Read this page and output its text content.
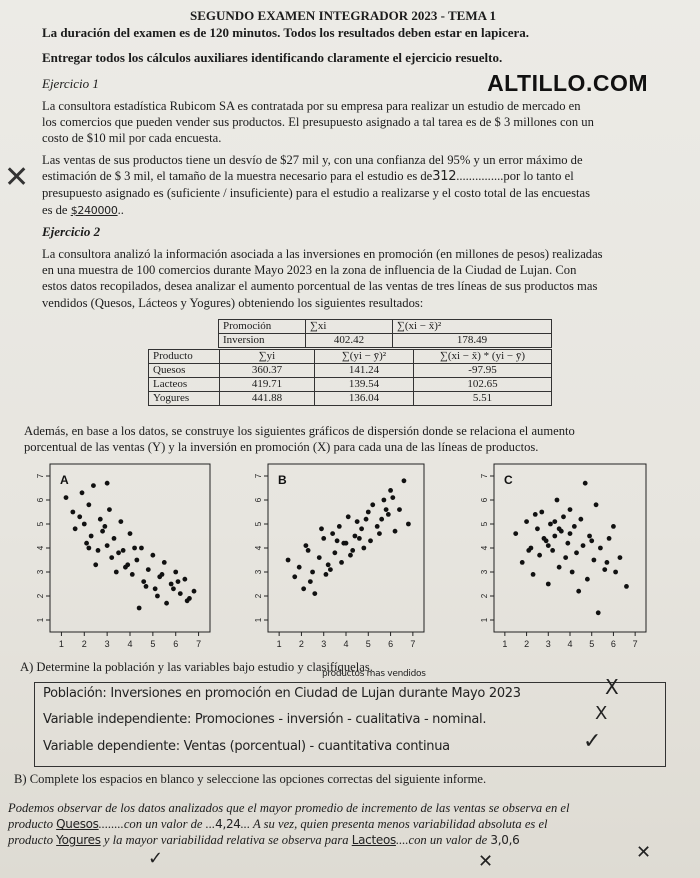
SEGUNDO EXAMEN INTEGRADOR 2023 - TEMA 1
La duración del examen es de 120 minutos. Todos los resultados deben estar en lapicera.
Entregar todos los cálculos auxiliares identificando claramente el ejercicio resuelto.
ALTILLO.COM
Ejercicio 1
La consultora estadística Rubicom SA es contratada por su empresa para realizar un estudio de mercado en
los comercios que pueden vender sus productos. El presupuesto asignado a tal tarea es de $ 3 millones con un
costo de $10 mil por cada encuesta.
✕ Las ventas de sus productos tiene un desvío de $27 mil y, con una confianza del 95% y un error máximo de
estimación de $ 3 mil, el tamaño de la muestra necesario para el estudio es de312...............por lo tanto el
presupuesto asignado es (suficiente / insuficiente) para el estudio a realizarse y el costo total de las encuestas
es de $240000..
Ejercicio 2
La consultora analizó la información asociada a las inversiones en promoción (en millones de pesos) realizadas
en una muestra de 100 comercios durante Mayo 2023 en la zona de influencia de la Ciudad de Lujan. Con
estos datos recopilados, desea analizar el aumento porcentual de las ventas de tres líneas de sus productos mas
vendidos (Quesos, Lácteos y Yogures) obteniendo los siguientes resultados:
Promoción	∑xi	∑(xi − x̄)²
Inversion	402.42	178.49
Producto	∑yi	∑(yi − ȳ)²	∑(xi − x̄) * (yi − ȳ)
Quesos	360.37	141.24	-97.95
Lacteos	419.71	139.54	102.65
Yogures	441.88	136.04	5.51
Además, en base a los datos, se construye los siguientes gráficos de dispersión donde se relaciona el aumento
porcentual de las ventas (Y) y la inversión en promoción (X) para cada una de las líneas de productos.
1 2 3 4 5 6 7
1
2
3
4
5
6
7 A
1 2 3 4 5 6 7
1
2
3
4
5
6
7 B
1 2 3 4 5 6 7
1
2
3
4
5
6
7 C
A) Determine la población y las variables bajo estudio y clasifíquelas.
productos mas vendidos
Población: Inversiones en promoción en Ciudad de Lujan durante Mayo 2023
Variable independiente: Promociones - inversión - cualitativa - nominal.
Variable dependiente: Ventas (porcentual) - cuantitativa continua
X
X
✓
B) Complete los espacios en blanco y seleccione las opciones correctas del siguiente informe.
Podemos observar de los datos analizados que el mayor promedio de incremento de las ventas se observa en el
producto Quesos........con un valor de ...4,24... A su vez, quien presenta menos variabilidad absoluta es el
producto Yogures y la mayor variabilidad relativa se observa para Lacteos....con un valor de 3,0,6
✓	✕	✕
